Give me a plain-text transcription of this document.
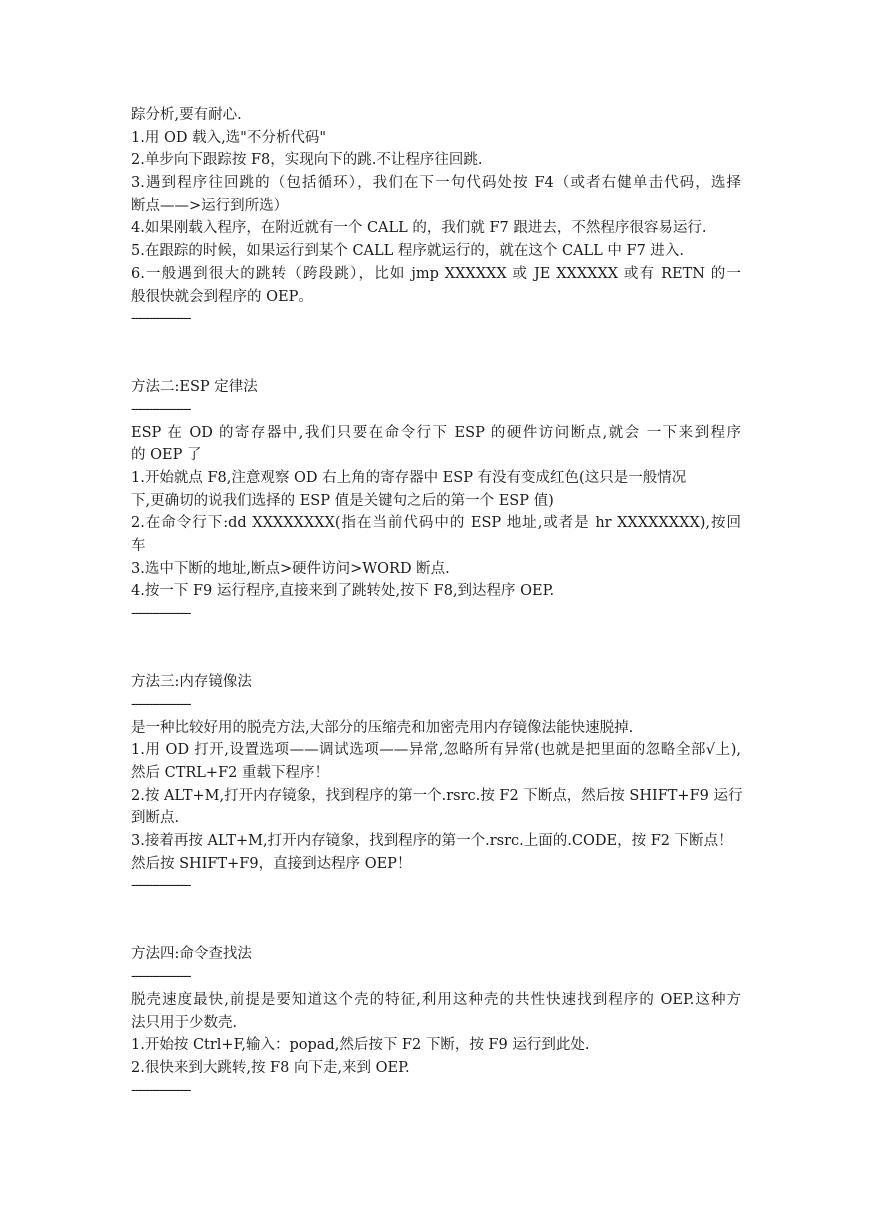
踪分析,要有耐心.
1.用 OD 载入,选"不分析代码"
2.单步向下跟踪按 F8，实现向下的跳.不让程序往回跳.
3.遇到程序往回跳的（包括循环），我们在下一句代码处按 F4（或者右健单击代码，选择
断点——>运行到所选）
4.如果刚载入程序，在附近就有一个 CALL 的，我们就 F7 跟进去，不然程序很容易运行.
5.在跟踪的时候，如果运行到某个 CALL 程序就运行的，就在这个 CALL 中 F7 进入.
6.一般遇到很大的跳转（跨段跳），比如 jmp XXXXXX 或 JE XXXXXX 或有 RETN 的一
般很快就会到程序的 OEP。
-----------------
方法二:ESP 定律法
-----------------
ESP 在 OD 的寄存器中,我们只要在命令行下 ESP 的硬件访问断点,就会 一下来到程序
的 OEP 了
1.开始就点 F8,注意观察 OD 右上角的寄存器中 ESP 有没有变成红色(这只是一般情况
下,更确切的说我们选择的 ESP 值是关键句之后的第一个 ESP 值)
2.在命令行下:dd XXXXXXXX(指在当前代码中的 ESP 地址,或者是 hr XXXXXXXX),按回
车
3.选中下断的地址,断点>硬件访问>WORD 断点.
4.按一下 F9 运行程序,直接来到了跳转处,按下 F8,到达程序 OEP.
-----------------
方法三:内存镜像法
-----------------
是一种比较好用的脱壳方法,大部分的压缩壳和加密壳用内存镜像法能快速脱掉.
1.用 OD 打开,设置选项——调试选项——异常,忽略所有异常(也就是把里面的忽略全部√上),
然后 CTRL+F2 重载下程序！
2.按 ALT+M,打开内存镜象，找到程序的第一个.rsrc.按 F2 下断点，然后按 SHIFT+F9 运行
到断点.
3.接着再按 ALT+M,打开内存镜象，找到程序的第一个.rsrc.上面的.CODE，按 F2 下断点！
然后按 SHIFT+F9，直接到达程序 OEP！
-----------------
方法四:命令查找法
-----------------
脱壳速度最快,前提是要知道这个壳的特征,利用这种壳的共性快速找到程序的 OEP.这种方
法只用于少数壳.
1.开始按 Ctrl+F,输入：popad,然后按下 F2 下断，按 F9 运行到此处.
2.很快来到大跳转,按 F8 向下走,来到 OEP.
-----------------
